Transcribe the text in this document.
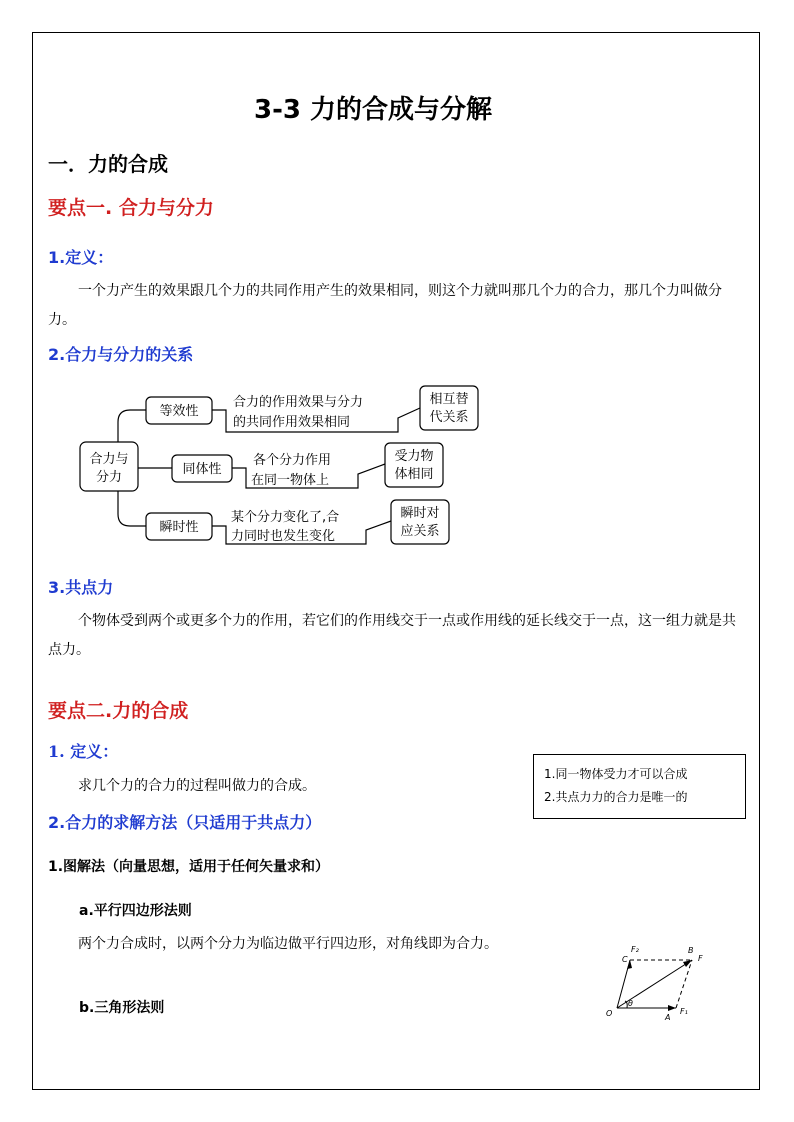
3-3 力的合成与分解
一．力的合成
要点一. 合力与分力
1.定义：

一个力产生的效果跟几个力的共同作用产生的效果相同，则这个力就叫那几个力的合力，那几个力叫做分力。

2.合力与分力的关系
合力与
分力
等效性
同体性
瞬时性
合力的作用效果与分力
的共同作用效果相同
各个分力作用
在同一物体上
某个分力变化了,合
力同时也发生变化
相互替
代关系
受力物
体相同
瞬时对
应关系
3.共点力

个物体受到两个或更多个力的作用，若它们的作用线交于一点或作用线的延长线交于一点，这一组力就是共点力。

要点二.力的合成
1. 定义：

求几个力的合力的过程叫做力的合成。

1.同一物体受力才可以合成
2.共点力力的合力是唯一的
2.合力的求解方法（只适用于共点力）
1.图解法（向量思想，适用于任何矢量求和）
a.平行四边形法则

两个力合成时，以两个分力为临边做平行四边形，对角线即为合力。

b.三角形法则	O	A
F₁
C
F₂	B
F
θ
